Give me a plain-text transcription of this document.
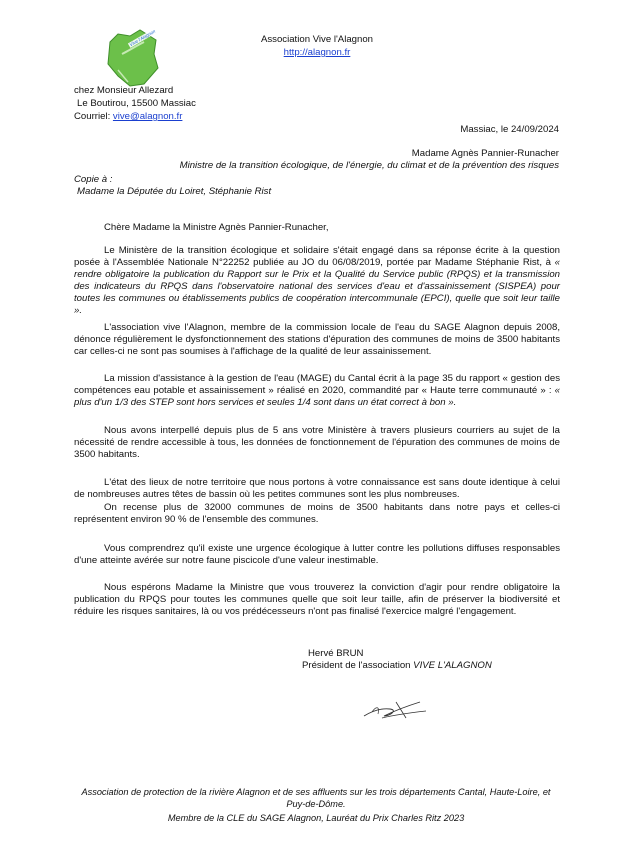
Vive l'Alagnon	Association Vive l'Alagnon
http://alagnon.fr
chez Monsieur Allezard
Le Boutirou, 15500 Massiac
Courriel: vive@alagnon.fr
Massiac, le 24/09/2024
Madame Agnès Pannier-Runacher
Ministre de la transition écologique, de l'énergie, du climat et de la prévention des risques
Copie à :
Madame la Députée du Loiret, Stéphanie Rist
Chère Madame la Ministre Agnès Pannier-Runacher,

Le Ministère de la transition écologique et solidaire s'était engagé dans sa réponse écrite à la question posée à l'Assemblée Nationale N°22252 publiée au JO du 06/08/2019, portée par Madame Stéphanie Rist, à « rendre obligatoire la publication du Rapport sur le Prix et la Qualité du Service public (RPQS) et la transmission des indicateurs du RPQS dans l'observatoire national des services d'eau et d'assainissement (SISPEA) pour toutes les communes ou établissements publics de coopération intercommunale (EPCI), quelle que soit leur taille ».

L'association vive l'Alagnon, membre de la commission locale de l'eau du SAGE Alagnon depuis 2008, dénonce régulièrement le dysfonctionnement des stations d'épuration des communes de moins de 3500 habitants car celles-ci ne sont pas soumises à l'affichage de la qualité de leur assainissement.

La mission d'assistance à la gestion de l'eau (MAGE) du Cantal écrit à la page 35 du rapport « gestion des compétences eau potable et assainissement » réalisé en 2020, commandité par « Haute terre communauté » : « plus d'un 1/3 des STEP sont hors services et seules 1/4 sont dans un état correct à bon ».

Nous avons interpellé depuis plus de 5 ans votre Ministère à travers plusieurs courriers au sujet de la nécessité de rendre accessible à tous, les données de fonctionnement de l'épuration des communes de moins de 3500 habitants.

L'état des lieux de notre territoire que nous portons à votre connaissance est sans doute identique à celui de nombreuses autres têtes de bassin où les petites communes sont les plus nombreuses.

On recense plus de 32000 communes de moins de 3500 habitants dans notre pays et celles-ci représentent environ 90 % de l'ensemble des communes.

Vous comprendrez qu'il existe une urgence écologique à lutter contre les pollutions diffuses responsables d'une atteinte avérée sur notre faune piscicole d'une valeur inestimable.

Nous espérons Madame la Ministre que vous trouverez la conviction d'agir pour rendre obligatoire la publication du RPQS pour toutes les communes quelle que soit leur taille, afin de préserver la biodiversité et réduire les risques sanitaires, là ou vos prédécesseurs n'ont pas finalisé l'exercice malgré l'engagement.

Hervé BRUN
Président de l'association VIVE L'ALAGNON
Association de protection de la rivière Alagnon et de ses affluents sur les trois départements Cantal, Haute-Loire, et Puy-de-Dôme.
Membre de la CLE du SAGE Alagnon, Lauréat du Prix Charles Ritz 2023
